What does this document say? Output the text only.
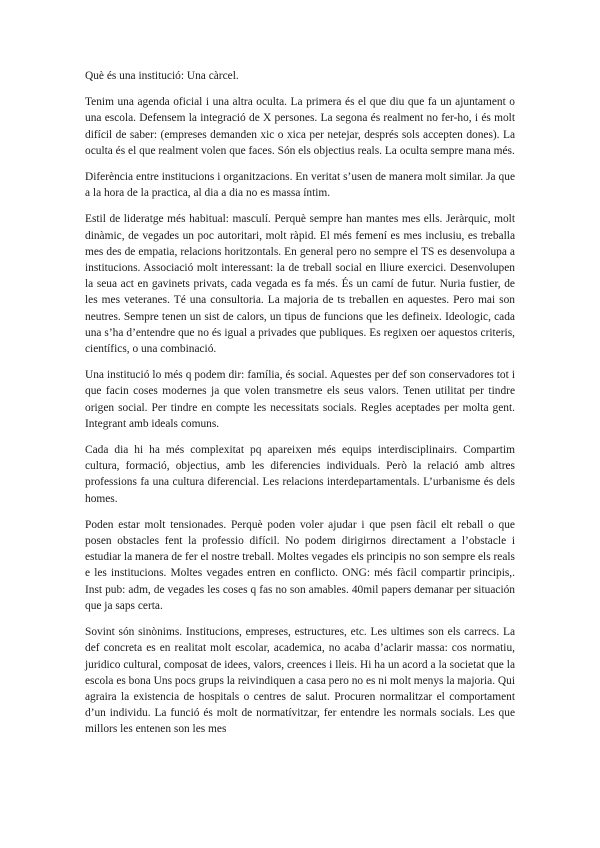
Què és una institució: Una càrcel.

Tenim una agenda oficial i una altra oculta. La primera és el que diu que fa un ajuntament o una escola. Defensem la integració de X persones. La segona és realment no fer-ho, i és molt difícil de saber: (empreses demanden xic o xica per netejar, després sols accepten dones). La oculta és el que realment volen que faces. Són els objectius reals. La oculta sempre mana més.

Diferència entre institucions i organitzacions. En veritat s’usen de manera molt similar. Ja que a la hora de la practica, al dia a dia no es massa íntim.

Estil de lideratge més habitual: masculí. Perquè sempre han mantes mes ells. Jeràrquic, molt dinàmic, de vegades un poc autoritari, molt ràpid. El més femení es mes inclusiu, es treballa mes des de empatia, relacions horitzontals. En general pero no sempre el TS es desenvolupa a institucions. Associació molt interessant: la de treball social en lliure exercici. Desenvolupen la seua act en gavinets privats, cada vegada es fa més. És un camí de futur. Nuria fustier, de les mes veteranes. Té una consultoria. La majoria de ts treballen en aquestes. Pero mai son neutres. Sempre tenen un sist de calors, un tipus de funcions que les defineix. Ideologic, cada una s’ha d’entendre que no és igual a privades que publiques. Es regixen oer aquestos criteris, científics, o una combinació.

Una institució lo més q podem dir: família, és social. Aquestes per def son conservadores tot i que facin coses modernes ja que volen transmetre els seus valors. Tenen utilitat per tindre origen social. Per tindre en compte les necessitats socials. Regles aceptades per molta gent. Integrant amb ideals comuns.

Cada dia hi ha més complexitat pq apareixen més equips interdisciplinairs. Compartim cultura, formació, objectius, amb les diferencies individuals. Però la relació amb altres professions fa una cultura diferencial. Les relacions interdepartamentals. L’urbanisme és dels homes.

Poden estar molt tensionades. Perquè poden voler ajudar i que psen fàcil elt reball o que posen obstacles fent la professio difícil. No podem dirigirnos directament a l’obstacle i estudiar la manera de fer el nostre treball. Moltes vegades els principis no son sempre els reals e les institucions. Moltes vegades entren en conflicto. ONG: més fàcil compartir principis,. Inst pub: adm, de vegades les coses q fas no son amables. 40mil papers demanar per situación que ja saps certa.

Sovint són sinònims. Institucions, empreses, estructures, etc. Les ultimes son els carrecs. La def concreta es en realitat molt escolar, academica, no acaba d’aclarir massa: cos normatiu, juridico cultural, composat de idees, valors, creences i lleis. Hi ha un acord a la societat que la escola es bona Uns pocs grups la reivindiquen a casa pero no es ni molt menys la majoria. Qui agraira la existencia de hospitals o centres de salut. Procuren normalitzar el comportament d’un individu. La funció és molt de normatívitzar, fer entendre les normals socials. Les que millors les entenen son les mes
